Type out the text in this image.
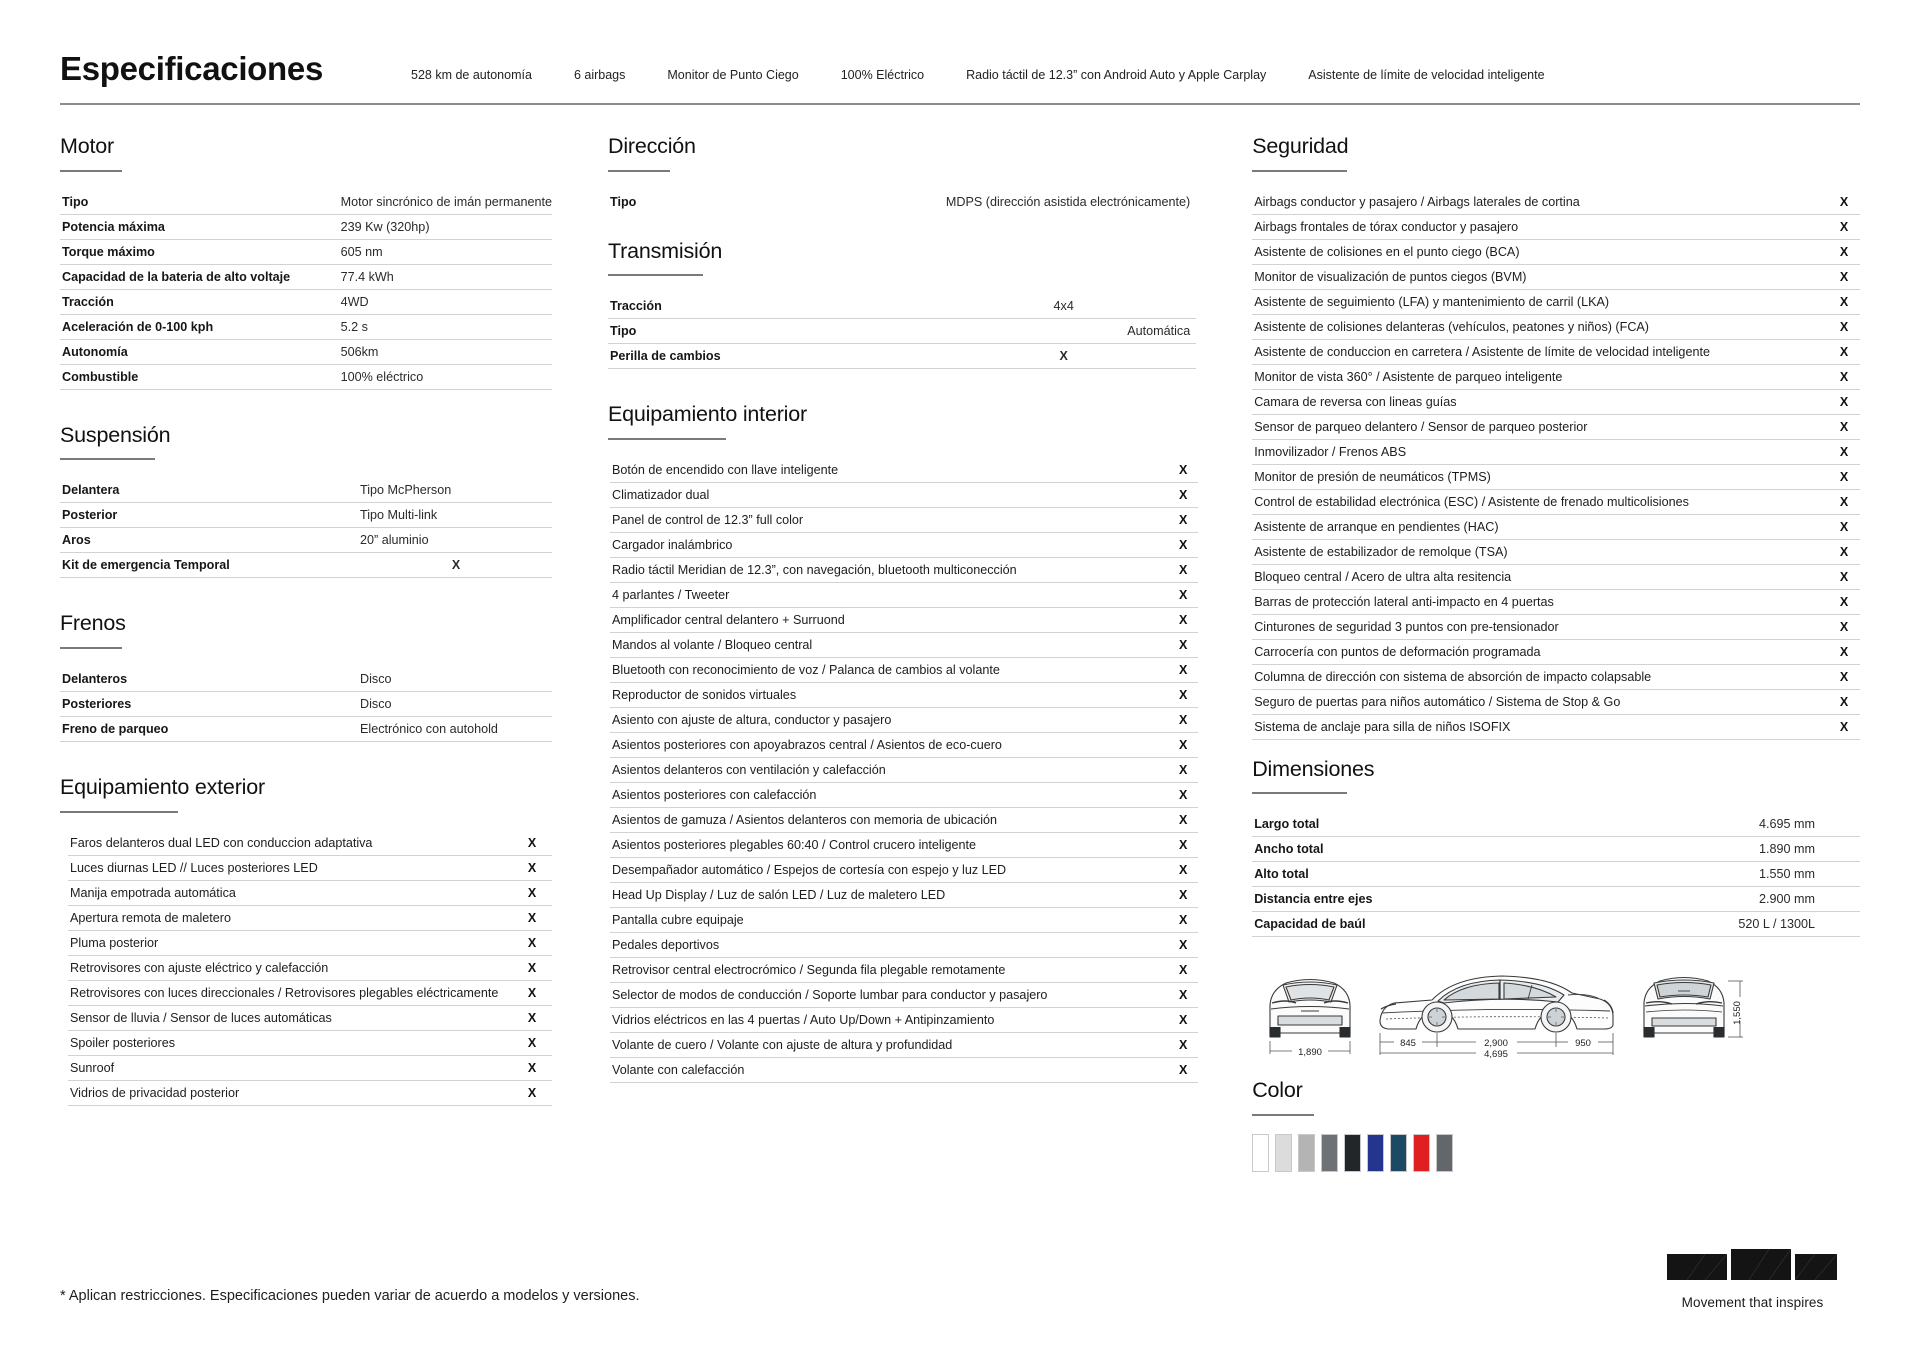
Especificaciones	528 km de autonomía	6 airbags	Monitor de Punto Ciego	100% Eléctrico	Radio táctil de 12.3” con Android Auto y Apple Carplay	Asistente de límite de velocidad inteligente
Motor
Tipo	Motor sincrónico de imán permanente
Potencia máxima	239 Kw (320hp)
Torque máximo	605 nm
Capacidad de la bateria de alto voltaje	77.4 kWh
Tracción	4WD
Aceleración de 0-100 kph	5.2 s
Autonomía	506km
Combustible	100% eléctrico
Suspensión
Delantera	Tipo McPherson
Posterior	Tipo Multi-link
Aros	20” aluminio
Kit de emergencia Temporal	X
Frenos
Delanteros	Disco
Posteriores	Disco
Freno de parqueo	Electrónico con autohold
Equipamiento exterior
Faros delanteros dual LED con conduccion adaptativa	X
Luces diurnas LED // Luces posteriores LED	X
Manija empotrada automática	X
Apertura remota de maletero	X
Pluma posterior	X
Retrovisores con ajuste eléctrico y calefacción	X
Retrovisores con luces direccionales / Retrovisores plegables eléctricamente	X
Sensor de lluvia / Sensor de luces automáticas	X
Spoiler posteriores	X
Sunroof	X
Vidrios de privacidad posterior	X
Dirección
Tipo	MDPS (dirección asistida electrónicamente)
Transmisión
Tracción	4x4
Tipo	Automática
Perilla de cambios	X
Equipamiento interior
Botón de encendido con llave inteligente	X
Climatizador dual	X
Panel de control de 12.3” full color	X
Cargador inalámbrico	X
Radio táctil Meridian de 12.3”, con navegación, bluetooth multiconección	X
4 parlantes / Tweeter	X
Amplificador central delantero + Surruond	X
Mandos al volante / Bloqueo central	X
Bluetooth con reconocimiento de voz / Palanca de cambios al volante	X
Reproductor de sonidos virtuales	X
Asiento con ajuste de altura, conductor y pasajero	X
Asientos posteriores con apoyabrazos central / Asientos de eco-cuero	X
Asientos delanteros con ventilación y calefacción	X
Asientos posteriores con calefacción	X
Asientos de gamuza / Asientos delanteros con memoria de ubicación	X
Asientos posteriores plegables 60:40 / Control crucero inteligente	X
Desempañador automático / Espejos de cortesía con espejo y luz LED	X
Head Up Display / Luz de salón LED / Luz de maletero LED	X
Pantalla cubre equipaje	X
Pedales deportivos	X
Retrovisor central electrocrómico / Segunda fila plegable remotamente	X
Selector de modos de conducción / Soporte lumbar para conductor y pasajero	X
Vidrios eléctricos en las 4 puertas / Auto Up/Down + Antipinzamiento	X
Volante de cuero / Volante con ajuste de altura y profundidad	X
Volante con calefacción	X
Seguridad
Airbags conductor y pasajero / Airbags laterales de cortina	X
Airbags frontales de tórax conductor y pasajero	X
Asistente de colisiones en el punto ciego (BCA)	X
Monitor de visualización de puntos ciegos (BVM)	X
Asistente de seguimiento (LFA) y mantenimiento de carril (LKA)	X
Asistente de colisiones delanteras (vehículos, peatones y niños) (FCA)	X
Asistente de conduccion en carretera / Asistente de límite de velocidad inteligente	X
Monitor de vista 360° / Asistente de parqueo inteligente	X
Camara de reversa con lineas guías	X
Sensor de parqueo delantero / Sensor de parqueo posterior	X
Inmovilizador / Frenos ABS	X
Monitor de presión de neumáticos (TPMS)	X
Control de estabilidad electrónica (ESC) / Asistente de frenado multicolisiones	X
Asistente de arranque en pendientes (HAC)	X
Asistente de estabilizador de remolque (TSA)	X
Bloqueo central / Acero de ultra alta resitencia	X
Barras de protección lateral anti-impacto en 4 puertas	X
Cinturones de seguridad 3 puntos con pre-tensionador	X
Carrocería con puntos de deformación programada	X
Columna de dirección con sistema de absorción de impacto colapsable	X
Seguro de puertas para niños automático / Sistema de Stop & Go	X
Sistema de anclaje para silla de niños ISOFIX	X
Dimensiones
Largo total	4.695 mm
Ancho total	1.890 mm
Alto total	1.550 mm
Distancia entre ejes	2.900 mm
Capacidad de baúl	520 L / 1300L
1,890
845	2,900	950
4,695
1,550
Color
* Aplican restricciones. Especificaciones pueden variar de acuerdo a modelos y versiones.	Movement that inspires
